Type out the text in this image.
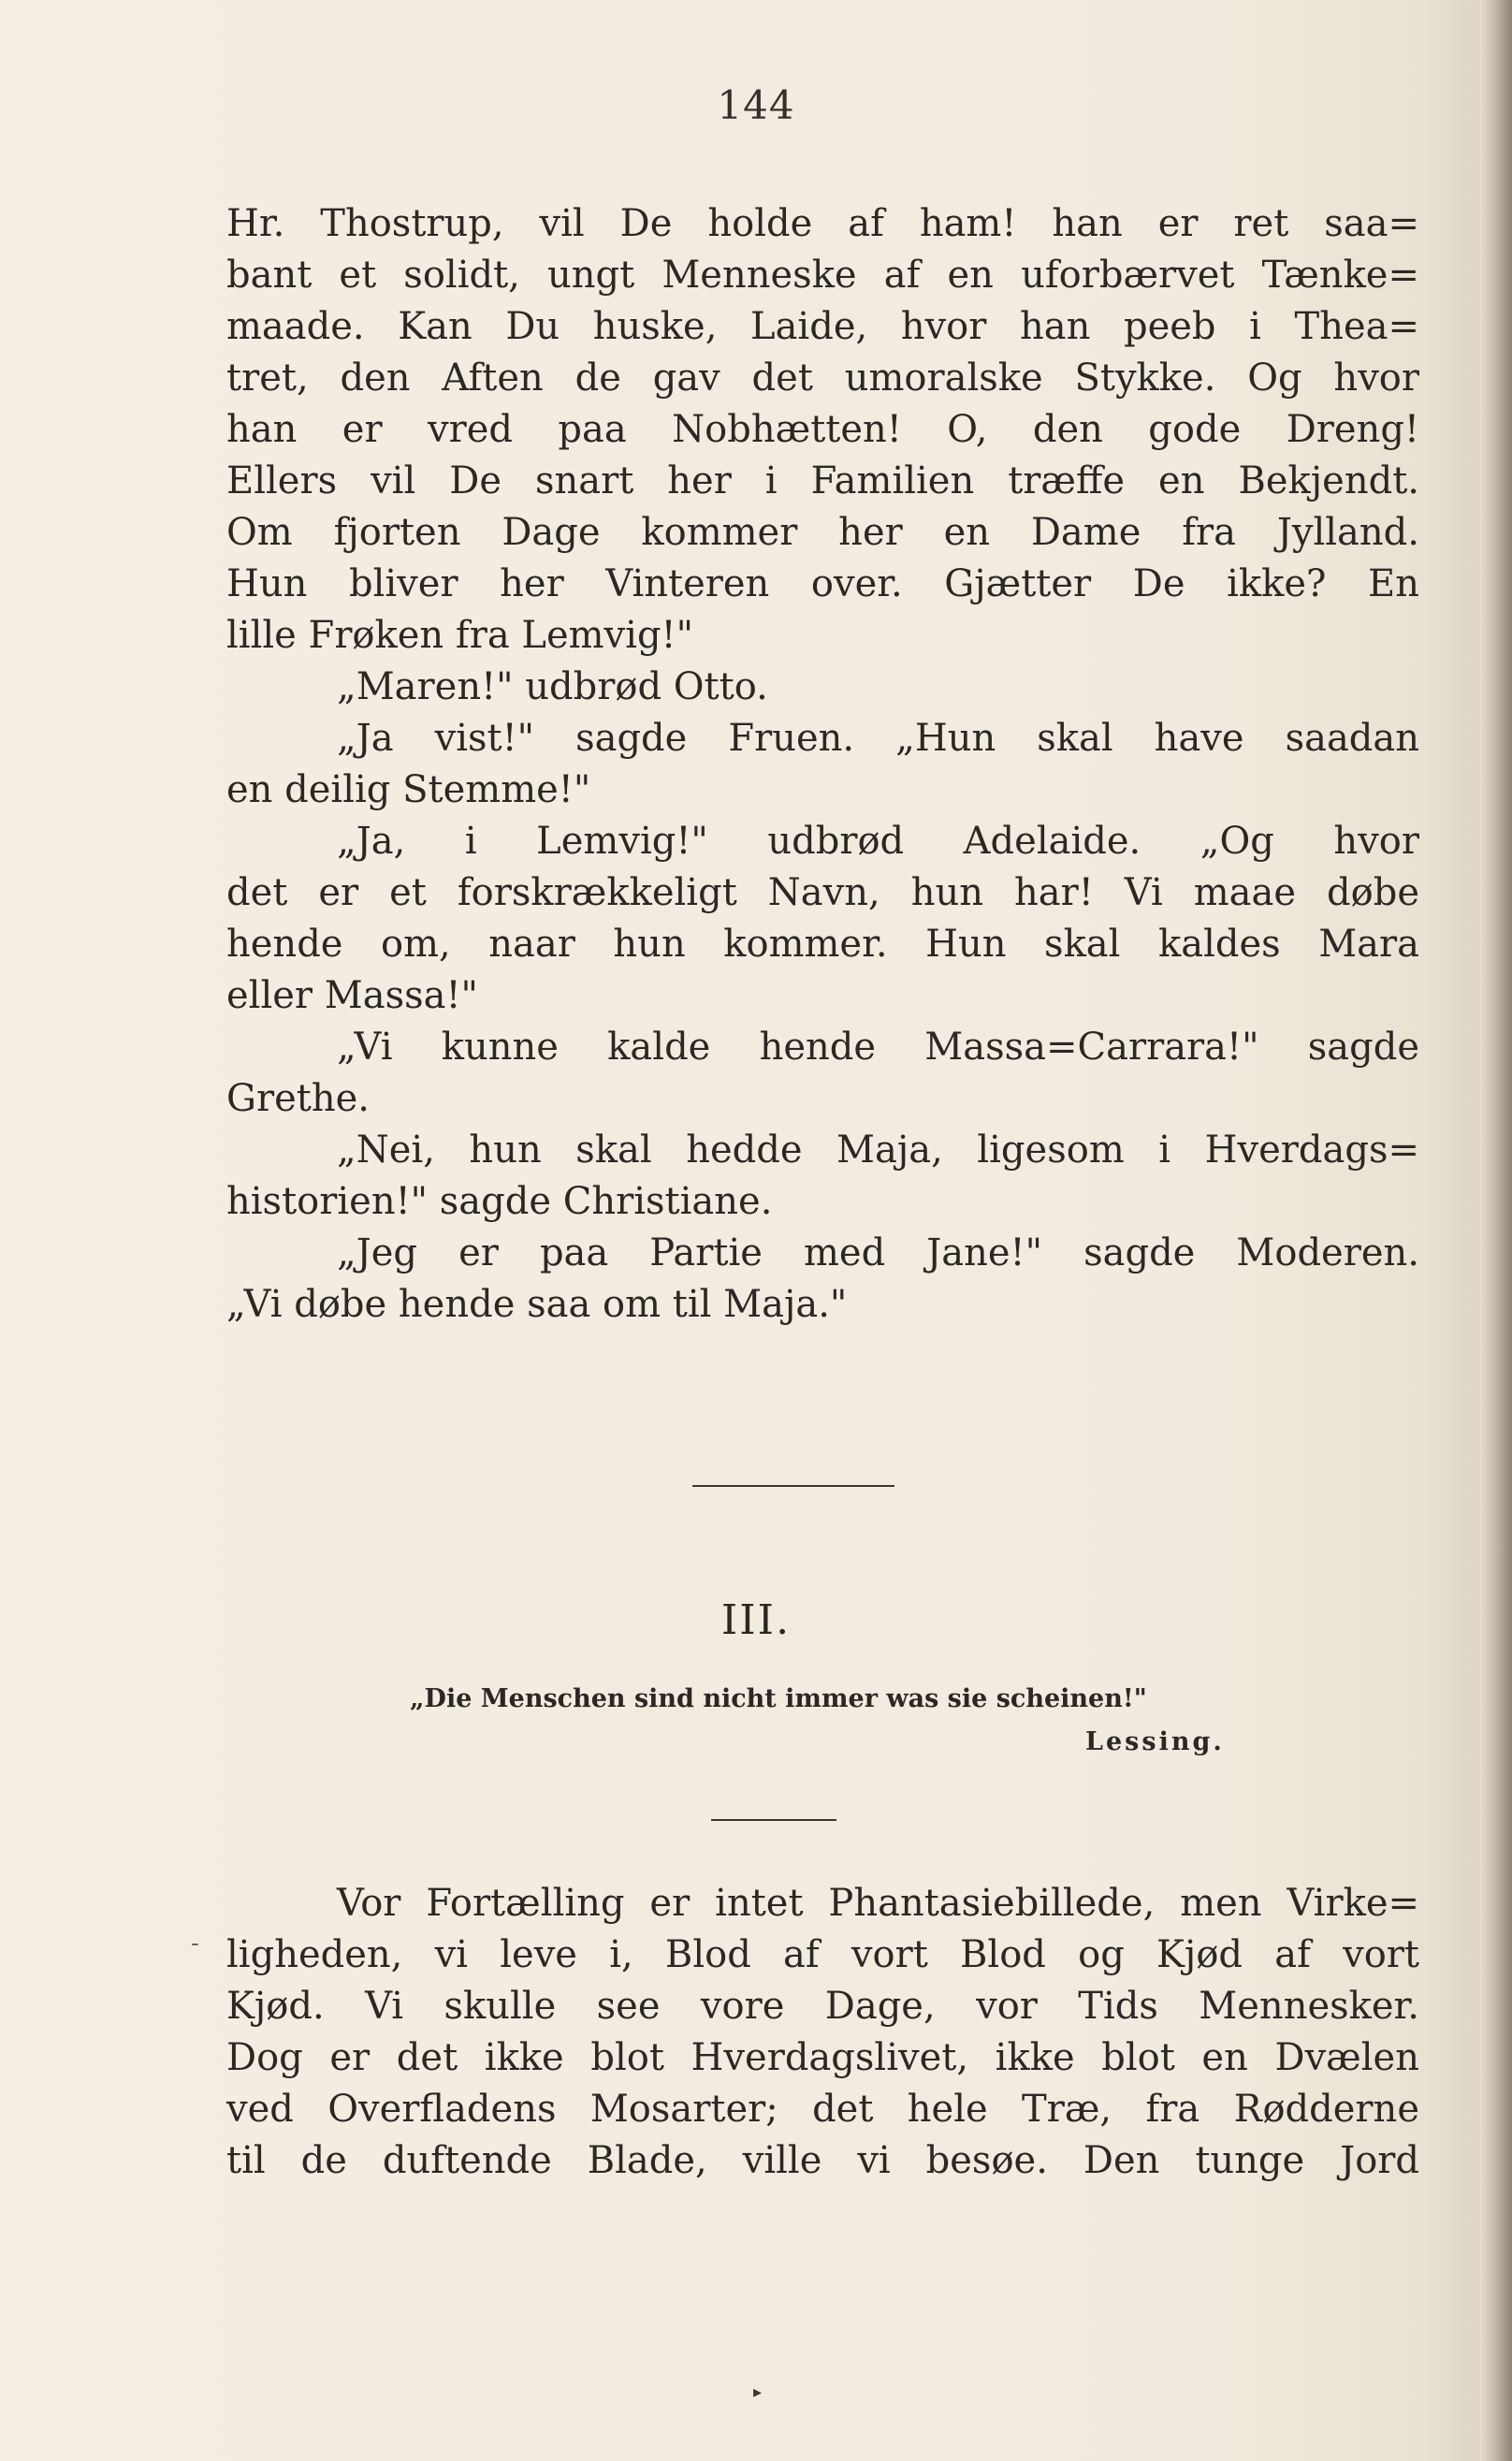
144

Hr. Thostrup, vil De holde af ham! han er ret saa=

bant et solidt, ungt Menneske af en uforbærvet Tænke=

maade. Kan Du huske, Laide, hvor han peeb i Thea=

tret, den Aften de gav det umoralske Stykke. Og hvor

han er vred paa Nobhætten! O, den gode Dreng!

Ellers vil De snart her i Familien træffe en Bekjendt.

Om fjorten Dage kommer her en Dame fra Jylland.

Hun bliver her Vinteren over. Gjætter De ikke? En

lille Frøken fra Lemvig!"

„Maren!" udbrød Otto.

„Ja vist!" sagde Fruen. „Hun skal have saadan

en deilig Stemme!"

„Ja, i Lemvig!" udbrød Adelaide. „Og hvor

det er et forskrækkeligt Navn, hun har! Vi maae døbe

hende om, naar hun kommer. Hun skal kaldes Mara

eller Massa!"

„Vi kunne kalde hende Massa=Carrara!" sagde

Grethe.

„Nei, hun skal hedde Maja, ligesom i Hverdags=

historien!" sagde Christiane.

„Jeg er paa Partie med Jane!" sagde Moderen.

„Vi døbe hende saa om til Maja."

III.
„Die Menschen sind nicht immer was sie scheinen!"
Lessing.
-

Vor Fortælling er intet Phantasiebillede, men Virke=

ligheden, vi leve i, Blod af vort Blod og Kjød af vort

Kjød. Vi skulle see vore Dage, vor Tids Mennesker.

Dog er det ikke blot Hverdagslivet, ikke blot en Dvælen

ved Overfladens Mosarter; det hele Træ, fra Rødderne

til de duftende Blade, ville vi besøe. Den tunge Jord

▸
